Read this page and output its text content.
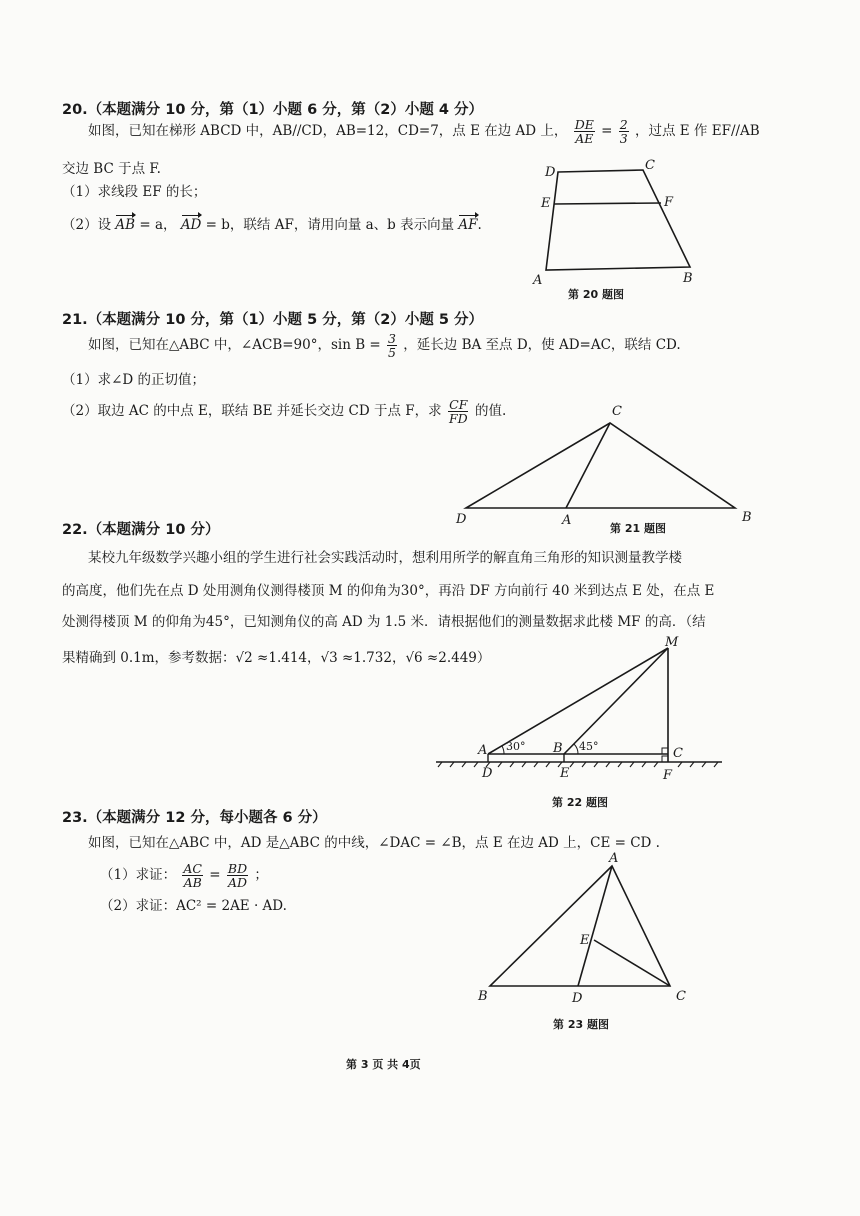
20.（本题满分 10 分，第（1）小题 6 分，第（2）小题 4 分）
如图，已知在梯形 ABCD 中，AB//CD，AB=12，CD=7，点 E 在边 AD 上， $\frac{DE}{AE} = \frac{2}{3}$ ，过点 E 作 EF//AB
交边 BC 于点 F.
（1）求线段 EF 的长；
（2）设 AB = a， AD = b，联结 AF，请用向量 a、b 表示向量 AF.
D	C
E	F
A	B
第 20 题图
21.（本题满分 10 分，第（1）小题 5 分，第（2）小题 5 分）
如图，已知在△ABC 中，∠ACB=90°，$\sin B = \frac{3}{5}$ ，延长边 BA 至点 D，使 AD=AC，联结 CD.
（1）求∠D 的正切值；
（2）取边 AC 的中点 E，联结 BE 并延长交边 CD 于点 F，求 $\frac{CF}{FD}$ 的值.	C
D	A	B
第 21 题图
22.（本题满分 10 分）
某校九年级数学兴趣小组的学生进行社会实践活动时，想利用所学的解直角三角形的知识测量教学楼
的高度，他们先在点 D 处用测角仪测得楼顶 M 的仰角为30°，再沿 DF 方向前行 40 米到达点 E 处，在点 E
处测得楼顶 M 的仰角为45°，已知测角仪的高 AD 为 1.5 米．请根据他们的测量数据求此楼 MF 的高．（结
果精确到 0.1m，参考数据：√2 ≈1.414，√3 ≈1.732，√6 ≈2.449）
M
A	B	C
D	E	F
30°	45°
第 22 题图
23.（本题满分 12 分，每小题各 6 分）
如图，已知在△ABC 中，AD 是△ABC 的中线，∠DAC = ∠B，点 E 在边 AD 上，CE = CD .
（1）求证： $\frac{AC}{AB} = \frac{BD}{AD}$ ；
（2）求证：AC² = 2AE · AD.
A
E
B	D	C
第 23 题图
第 3 页 共 4页
